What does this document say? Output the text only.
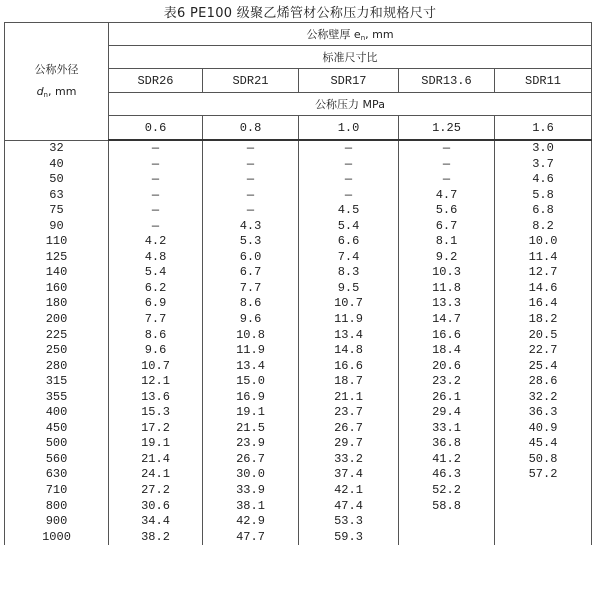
表6 PE100 级聚乙烯管材公称压力和规格尺寸
公称外径
$d_n$, mm	公称壁厚 $e_n$, mm				
	标准尺寸比				
	SDR26	SDR21	SDR17	SDR13.6	SDR11
	公称压力 MPa				
	0.6	0.8	1.0	1.25	1.6
32	—	—	—	—	3.0
40	—	—	—	—	3.7
50	—	—	—	—	4.6
63	—	—	—	4.7	5.8
75	—	—	4.5	5.6	6.8
90	—	4.3	5.4	6.7	8.2
110	4.2	5.3	6.6	8.1	10.0
125	4.8	6.0	7.4	9.2	11.4
140	5.4	6.7	8.3	10.3	12.7
160	6.2	7.7	9.5	11.8	14.6
180	6.9	8.6	10.7	13.3	16.4
200	7.7	9.6	11.9	14.7	18.2
225	8.6	10.8	13.4	16.6	20.5
250	9.6	11.9	14.8	18.4	22.7
280	10.7	13.4	16.6	20.6	25.4
315	12.1	15.0	18.7	23.2	28.6
355	13.6	16.9	21.1	26.1	32.2
400	15.3	19.1	23.7	29.4	36.3
450	17.2	21.5	26.7	33.1	40.9
500	19.1	23.9	29.7	36.8	45.4
560	21.4	26.7	33.2	41.2	50.8
630	24.1	30.0	37.4	46.3	57.2
710	27.2	33.9	42.1	52.2	
800	30.6	38.1	47.4	58.8	
900	34.4	42.9	53.3		
1000	38.2	47.7	59.3		
